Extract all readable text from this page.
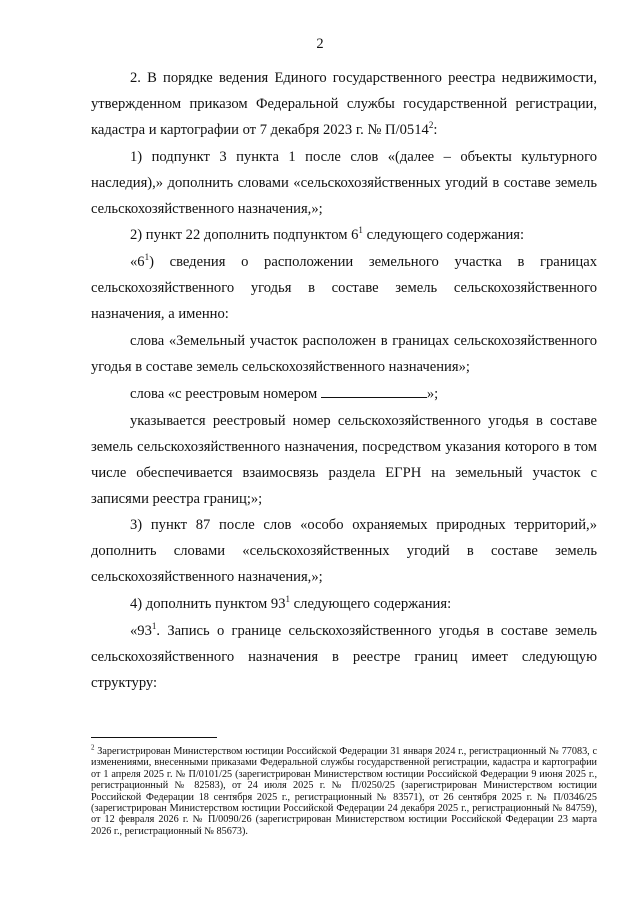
2

2. В порядке ведения Единого государственного реестра недвижимости, утвержденном приказом Федеральной службы государственной регистрации, кадастра и картографии от 7 декабря 2023 г. № П/0514$^2$:

1) подпункт 3 пункта 1 после слов «(далее – объекты культурного наследия),» дополнить словами «сельскохозяйственных угодий в составе земель сельскохозяйственного назначения,»;

2) пункт 22 дополнить подпунктом $6^1$ следующего содержания:

«$6^1$) сведения о расположении земельного участка в границах сельскохозяйственного угодья в составе земель сельскохозяйственного назначения, а именно:

слова «Земельный участок расположен в границах сельскохозяйственного угодья в составе земель сельскохозяйственного назначения»;

слова «с реестровым номером	»;

указывается реестровый номер сельскохозяйственного угодья в составе земель сельскохозяйственного назначения, посредством указания которого в том числе обеспечивается взаимосвязь раздела ЕГРН на земельный участок с записями реестра границ;»;

3) пункт 87 после слов «особо охраняемых природных территорий,» дополнить словами «сельскохозяйственных угодий в составе земель сельскохозяйственного назначения,»;

4) дополнить пунктом $93^1$ следующего содержания:

«$93^1$. Запись о границе сельскохозяйственного угодья в составе земель сельскохозяйственного назначения в реестре границ имеет следующую структуру:

$^2$ Зарегистрирован Министерством юстиции Российской Федерации 31 января 2024 г., регистрационный № 77083, с изменениями, внесенными приказами Федеральной службы государственной регистрации, кадастра и картографии от 1 апреля 2025 г. № П/0101/25 (зарегистрирован Министерством юстиции Российской Федерации 9 июня 2025 г., регистрационный № 82583), от 24 июля 2025 г. № П/0250/25 (зарегистрирован Министерством юстиции Российской Федерации 18 сентября 2025 г., регистрационный № 83571), от 26 сентября 2025 г. № П/0346/25 (зарегистрирован Министерством юстиции Российской Федерации 24 декабря 2025 г., регистрационный № 84759), от 12 февраля 2026 г. № П/0090/26 (зарегистрирован Министерством юстиции Российской Федерации 23 марта 2026 г., регистрационный № 85673).
